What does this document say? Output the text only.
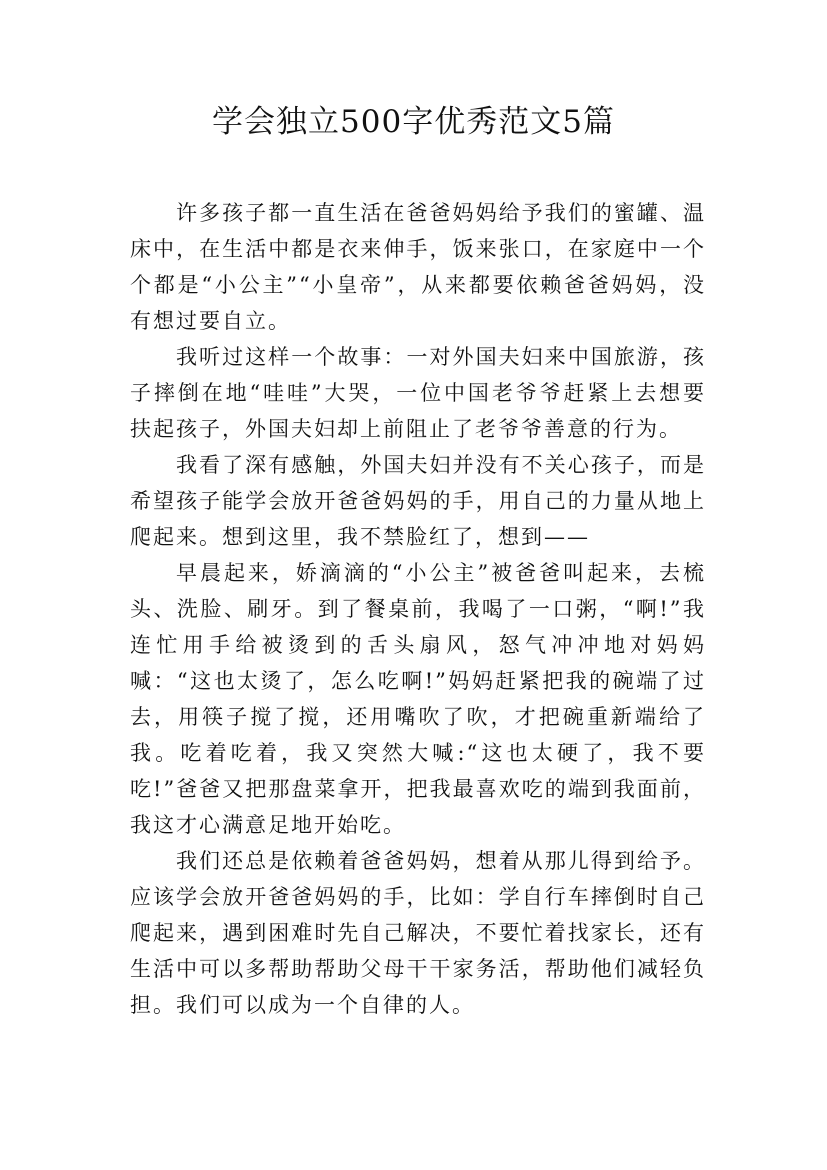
学会独立500字优秀范文5篇

许多孩子都一直生活在爸爸妈妈给予我们的蜜罐、温床中，在生活中都是衣来伸手，饭来张口，在家庭中一个个都是“小公主”“小皇帝”，从来都要依赖爸爸妈妈，没有想过要自立。

我听过这样一个故事：一对外国夫妇来中国旅游，孩子摔倒在地“哇哇”大哭，一位中国老爷爷赶紧上去想要扶起孩子，外国夫妇却上前阻止了老爷爷善意的行为。

我看了深有感触，外国夫妇并没有不关心孩子，而是希望孩子能学会放开爸爸妈妈的手，用自己的力量从地上爬起来。想到这里，我不禁脸红了，想到——

早晨起来，娇滴滴的“小公主”被爸爸叫起来，去梳头、洗脸、刷牙。到了餐桌前，我喝了一口粥，“啊!”我连忙用手给被烫到的舌头扇风，怒气冲冲地对妈妈喊：“这也太烫了，怎么吃啊!”妈妈赶紧把我的碗端了过去，用筷子搅了搅，还用嘴吹了吹，才把碗重新端给了我。吃着吃着，我又突然大喊:“这也太硬了，我不要吃!”爸爸又把那盘菜拿开，把我最喜欢吃的端到我面前，我这才心满意足地开始吃。

我们还总是依赖着爸爸妈妈，想着从那儿得到给予。应该学会放开爸爸妈妈的手，比如：学自行车摔倒时自己爬起来，遇到困难时先自己解决，不要忙着找家长，还有生活中可以多帮助帮助父母干干家务活，帮助他们减轻负担。我们可以成为一个自律的人。
